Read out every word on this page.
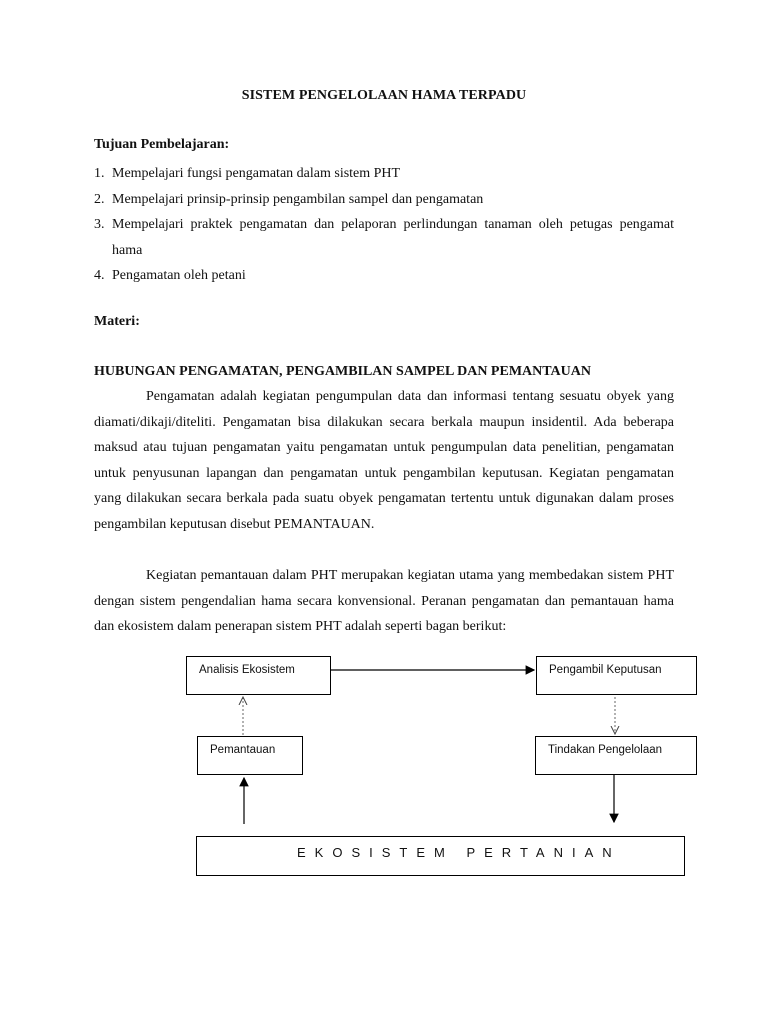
SISTEM PENGELOLAAN HAMA TERPADU
Tujuan Pembelajaran:
1. Mempelajari fungsi pengamatan dalam sistem PHT
2. Mempelajari prinsip-prinsip pengambilan sampel dan pengamatan
3. Mempelajari praktek pengamatan dan pelaporan perlindungan tanaman oleh petugas pengamat hama
4. Pengamatan oleh petani
Materi:
HUBUNGAN PENGAMATAN, PENGAMBILAN SAMPEL DAN PEMANTAUAN

Pengamatan adalah kegiatan pengumpulan data dan informasi tentang sesuatu obyek yang diamati/dikaji/diteliti. Pengamatan bisa dilakukan secara berkala maupun insidentil. Ada beberapa maksud atau tujuan pengamatan yaitu pengamatan untuk pengumpulan data penelitian, pengamatan untuk penyusunan lapangan dan pengamatan untuk pengambilan keputusan. Kegiatan pengamatan yang dilakukan secara berkala pada suatu obyek pengamatan tertentu untuk digunakan dalam proses pengambilan keputusan disebut PEMANTAUAN.

Kegiatan pemantauan dalam PHT merupakan kegiatan utama yang membedakan sistem PHT dengan sistem pengendalian hama secara konvensional. Peranan pengamatan dan pemantauan hama dan ekosistem dalam penerapan sistem PHT adalah seperti bagan berikut:

Analisis Ekosistem	Pengambil Keputusan
Pemantauan	Tindakan Pengelolaan
EKOSISTEM PERTANIAN
